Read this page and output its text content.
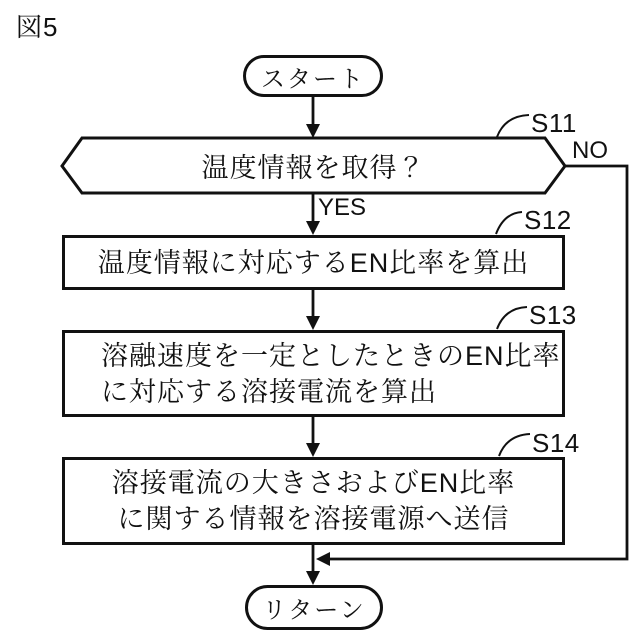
図5
スタート
温度情報を取得？
S11
NO
YES
温度情報に対応するEN比率を算出
S12
溶融速度を一定としたときのEN比率
に対応する溶接電流を算出
S13
溶接電流の大きさおよびEN比率
に関する情報を溶接電源へ送信
S14
リターン
